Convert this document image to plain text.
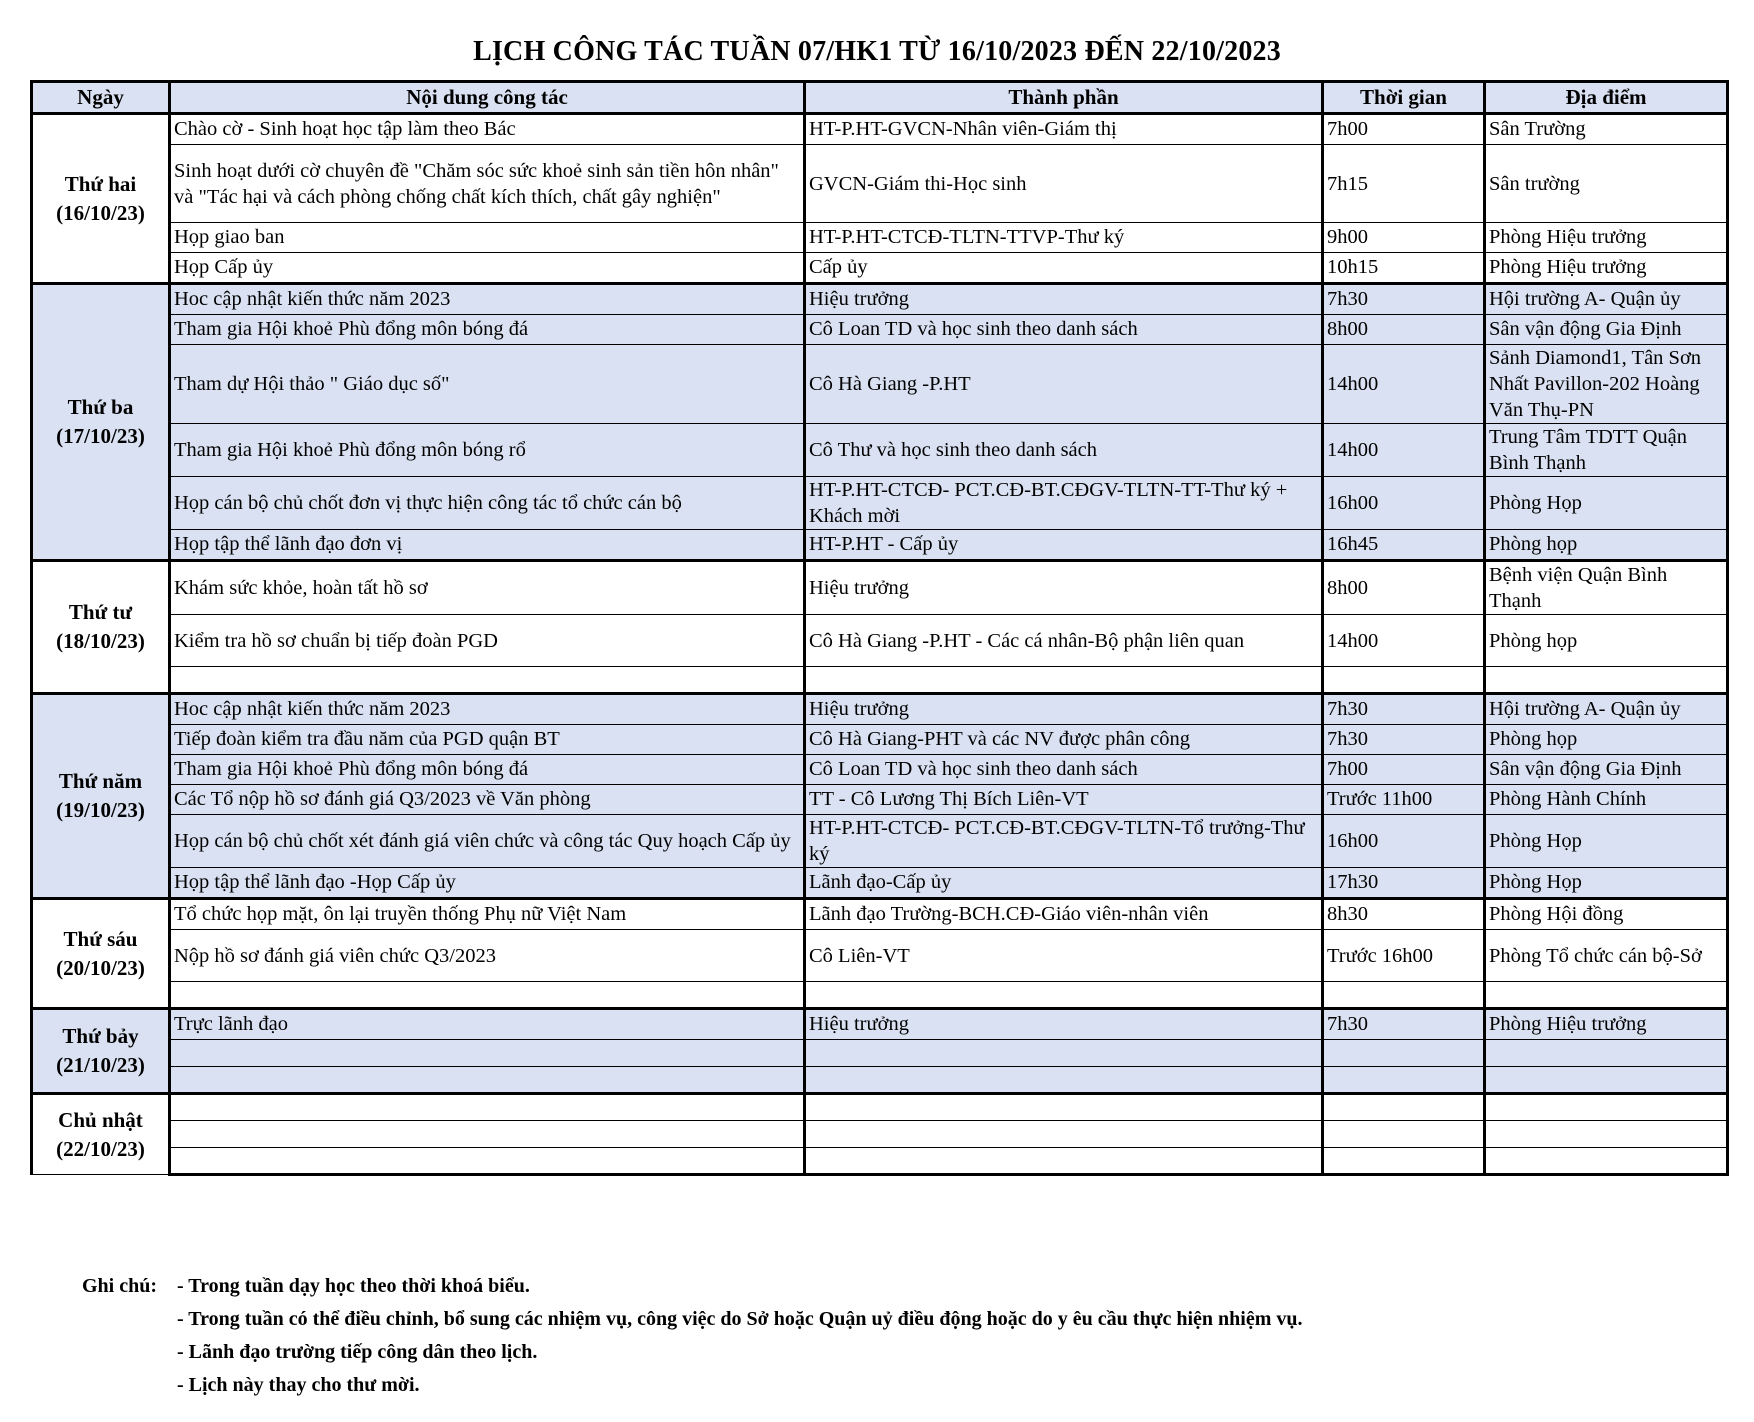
LỊCH CÔNG TÁC TUẦN 07/HK1 TỪ 16/10/2023 ĐẾN 22/10/2023
Ngày	Nội dung công tác	Thành phần	Thời gian	Địa điểm

Thứ hai
(16/10/23)	Chào cờ - Sinh hoạt học tập làm theo Bác	HT-P.HT-GVCN-Nhân viên-Giám thị	7h00	Sân Trường
	Sinh hoạt dưới cờ chuyên đề "Chăm sóc sức khoẻ sinh sản tiền hôn nhân" và "Tác hại và cách phòng chống chất kích thích, chất gây nghiện"	GVCN-Giám thi-Học sinh	7h15	Sân trường
	Họp giao ban	HT-P.HT-CTCĐ-TLTN-TTVP-Thư ký	9h00	Phòng Hiệu trưởng
	Họp Cấp ủy	Cấp ủy	10h15	Phòng Hiệu trưởng

Thứ ba
(17/10/23)	Hoc cập nhật kiến thức năm 2023	Hiệu trưởng	7h30	Hội trường A- Quận ủy
	Tham gia Hội khoẻ Phù đổng môn bóng đá	Cô Loan TD và học sinh theo danh sách	8h00	Sân vận động Gia Định
	Tham dự Hội thảo " Giáo dục số"	Cô Hà Giang -P.HT	14h00	Sảnh Diamond1, Tân Sơn Nhất Pavillon-202 Hoàng Văn Thụ-PN
	Tham gia Hội khoẻ Phù đổng môn bóng rổ	Cô Thư và học sinh theo danh sách	14h00	Trung Tâm TDTT Quận Bình Thạnh
	Họp cán bộ chủ chốt đơn vị thực hiện công tác tổ chức cán bộ	HT-P.HT-CTCĐ- PCT.CĐ-BT.CĐGV-TLTN-TT-Thư ký + Khách mời	16h00	Phòng Họp
	Họp tập thể lãnh đạo đơn vị	HT-P.HT - Cấp ủy	16h45	Phòng họp

Thứ tư
(18/10/23)	Khám sức khỏe, hoàn tất hồ sơ	Hiệu trưởng	8h00	Bệnh viện Quận Bình Thạnh
	Kiểm tra hồ sơ chuẩn bị tiếp đoàn PGD	Cô Hà Giang -P.HT - Các cá nhân-Bộ phận liên quan	14h00	Phòng họp

Thứ năm
(19/10/23)	Hoc cập nhật kiến thức năm 2023	Hiệu trưởng	7h30	Hội trường A- Quận ủy
	Tiếp đoàn kiểm tra đầu năm của PGD quận BT	Cô Hà Giang-PHT và các NV được phân công	7h30	Phòng họp
	Tham gia Hội khoẻ Phù đổng môn bóng đá	Cô Loan TD và học sinh theo danh sách	7h00	Sân vận động Gia Định
	Các Tổ nộp hồ sơ đánh giá Q3/2023 về Văn phòng	TT - Cô Lương Thị Bích Liên-VT	Trước 11h00	Phòng Hành Chính
	Họp cán bộ chủ chốt xét đánh giá viên chức và công tác Quy hoạch Cấp ủy	HT-P.HT-CTCĐ- PCT.CĐ-BT.CĐGV-TLTN-Tổ trưởng-Thư ký	16h00	Phòng Họp
	Họp tập thể lãnh đạo -Họp Cấp ủy	Lãnh đạo-Cấp ủy	17h30	Phòng Họp

Thứ sáu
(20/10/23)	Tổ chức họp mặt, ôn lại truyền thống Phụ nữ Việt Nam	Lãnh đạo Trường-BCH.CĐ-Giáo viên-nhân viên	8h30	Phòng Hội đồng
	Nộp hồ sơ đánh giá viên chức Q3/2023	Cô Liên-VT	Trước 16h00	Phòng Tổ chức cán bộ-Sở

Thứ bảy
(21/10/23)	Trực lãnh đạo	Hiệu trưởng	7h30	Phòng Hiệu trưởng

Chủ nhật
(22/10/23)				

Ghi chú: - Trong tuần dạy học theo thời khoá biểu.
- Trong tuần có thể điều chỉnh, bổ sung các nhiệm vụ, công việc do Sở hoặc Quận uỷ điều động hoặc do y êu cầu thực hiện nhiệm vụ.
- Lãnh đạo trường tiếp công dân theo lịch.
- Lịch này thay cho thư mời.
